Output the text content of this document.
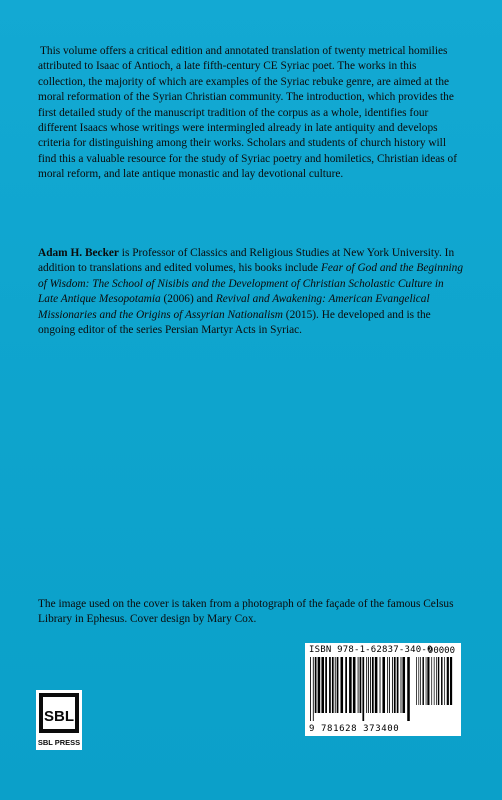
This volume offers a critical edition and annotated translation of twenty metrical homilies attributed to Isaac of Antioch, a late fifth-century CE Syriac poet. The works in this collection, the majority of which are examples of the Syriac rebuke genre, are aimed at the moral reformation of the Syrian Christian community. The introduction, which provides the first detailed study of the manuscript tradition of the corpus as a whole, identifies four different Isaacs whose writings were intermingled already in late antiquity and develops criteria for distinguishing among their works. Scholars and students of church history will find this a valuable resource for the study of Syriac poetry and homiletics, Christian ideas of moral reform, and late antique monastic and lay devotional culture.

Adam H. Becker is Professor of Classics and Religious Studies at New York University. In addition to translations and edited volumes, his books include Fear of God and the Beginning of Wisdom: The School of Nisibis and the Development of Christian Scholastic Culture in Late Antique Mesopotamia (2006) and Revival and Awakening: American Evangelical Missionaries and the Origins of Assyrian Nationalism (2015). He developed and is the ongoing editor of the series Persian Martyr Acts in Syriac.
The image used on the cover is taken from a photograph of the façade of the famous Celsus Library in Ephesus. Cover design by Mary Cox.
ISBN 978-1-62837-340-0
90000
9 781628 373400
SBL
SBL PRESS
